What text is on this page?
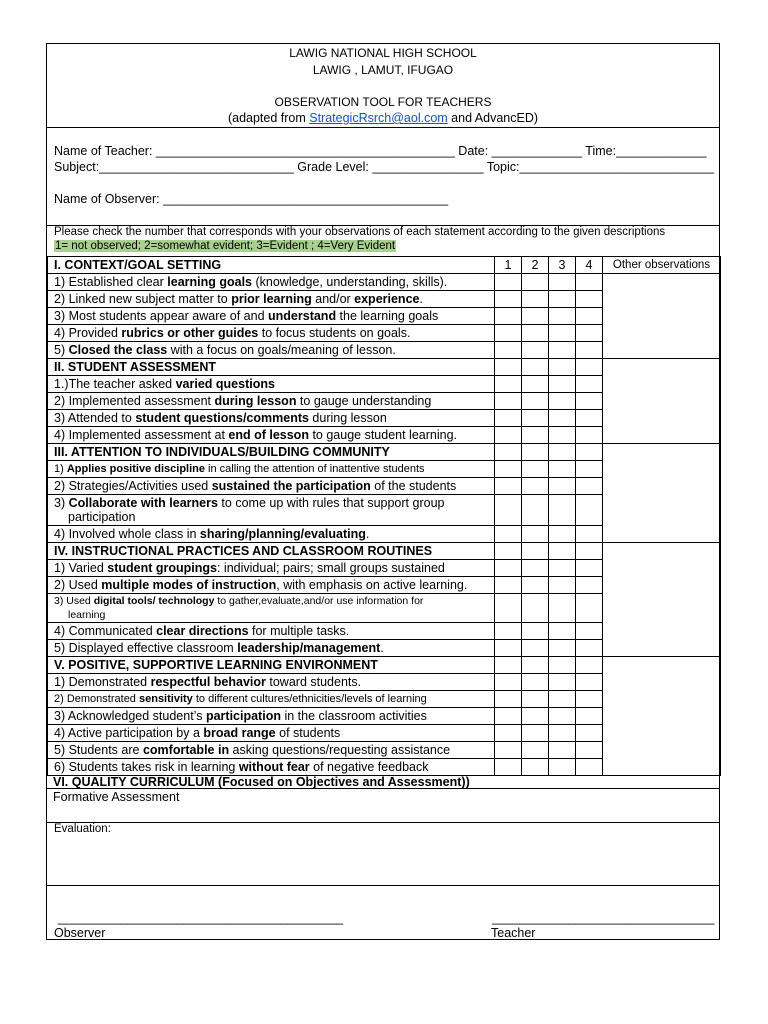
LAWIG NATIONAL HIGH SCHOOL
LAWIG , LAMUT, IFUGAO
OBSERVATION TOOL FOR TEACHERS
(adapted from StrategicRsrch@aol.com and AdvancED)
Name of Teacher: ___________________________________________ Date: _____________ Time:_____________
Subject:____________________________ Grade Level: ________________ Topic:____________________________
Name of Observer: _________________________________________
Please check the number that corresponds with your observations of each statement according to the given descriptions
1= not observed; 2=somewhat evident; 3=Evident ; 4=Very Evident
I. CONTEXT/GOAL SETTING	1	2	3	4	Other observations
1) Established clear learning goals (knowledge, understanding, skills).					
2) Linked new subject matter to prior learning and/or experience.					
3) Most students appear aware of and understand the learning goals					
4) Provided rubrics or other guides to focus students on goals.					
5) Closed the class with a focus on goals/meaning of lesson.					
II. STUDENT ASSESSMENT					
1.)The teacher asked varied questions					
2) Implemented assessment during lesson to gauge understanding					
3) Attended to student questions/comments during lesson					
4) Implemented assessment at end of lesson to gauge student learning.					
III. ATTENTION TO INDIVIDUALS/BUILDING COMMUNITY					
1) Applies positive discipline in calling the attention of inattentive students					
2) Strategies/Activities used sustained the participation of the students					
3) Collaborate with learners to come up with rules that support group
participation					
4) Involved whole class in sharing/planning/evaluating.					
IV. INSTRUCTIONAL PRACTICES AND CLASSROOM ROUTINES					
1) Varied student groupings: individual; pairs; small groups sustained					
2) Used multiple modes of instruction, with emphasis on active learning.					
3) Used digital tools/ technology to gather,evaluate,and/or use information for
learning					
4) Communicated clear directions for multiple tasks.					
5) Displayed effective classroom leadership/management.					
V. POSITIVE, SUPPORTIVE LEARNING ENVIRONMENT					
1) Demonstrated respectful behavior toward students.					
2) Demonstrated sensitivity to different cultures/ethnicities/levels of learning					
3) Acknowledged student’s participation in the classroom activities					
4) Active participation by a broad range of students					
5) Students are comfortable in asking questions/requesting assistance					
6) Students takes risk in learning without fear of negative feedback					
VI. QUALITY CURRICULUM (Focused on Objectives and Assessment))
Formative Assessment
Evaluation:
_________________________________________
Observer
________________________________
Teacher
